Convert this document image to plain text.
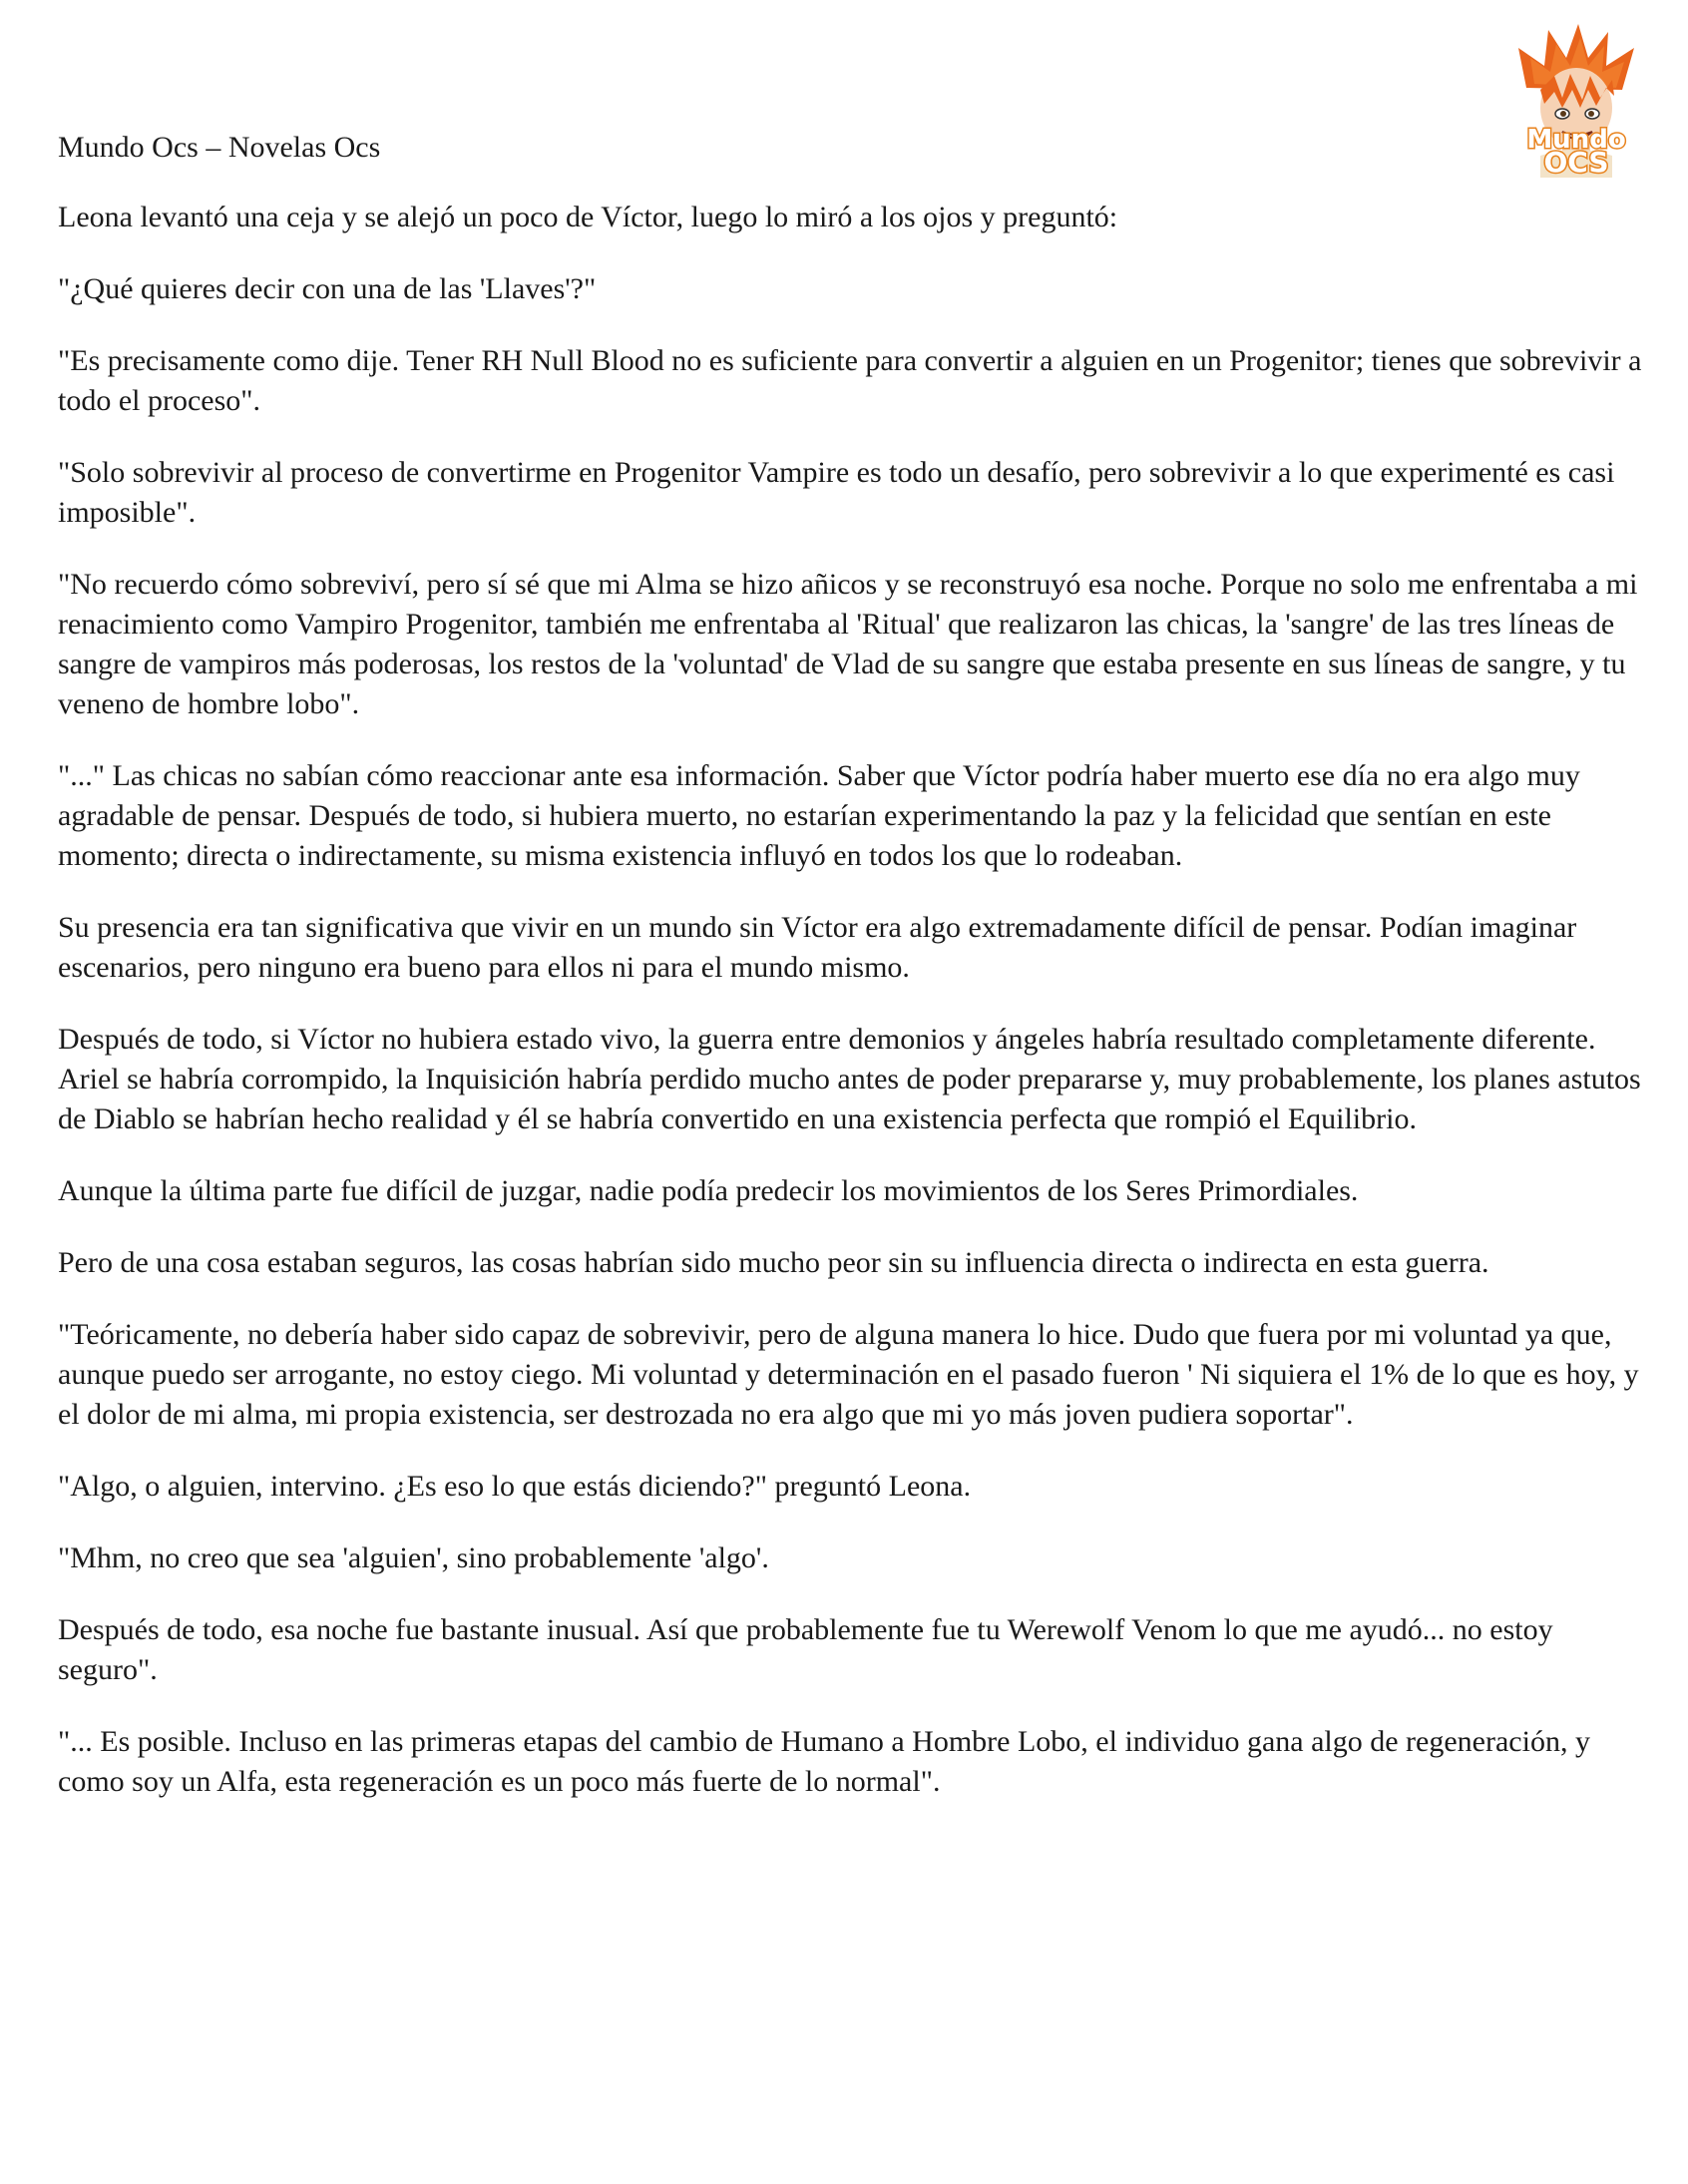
Mundo
OCS

Mundo Ocs – Novelas Ocs

Leona levantó una ceja y se alejó un poco de Víctor, luego lo miró a los ojos y preguntó:

"¿Qué quieres decir con una de las 'Llaves'?"

"Es precisamente como dije. Tener RH Null Blood no es suficiente para convertir a alguien en un Progenitor; tienes que sobrevivir a todo el proceso".

"Solo sobrevivir al proceso de convertirme en Progenitor Vampire es todo un desafío, pero sobrevivir a lo que experimenté es casi imposible".

"No recuerdo cómo sobreviví, pero sí sé que mi Alma se hizo añicos y se reconstruyó esa noche. Porque no solo me enfrentaba a mi renacimiento como Vampiro Progenitor, también me enfrentaba al 'Ritual' que realizaron las chicas, la 'sangre' de las tres líneas de sangre de vampiros más poderosas, los restos de la 'voluntad' de Vlad de su sangre que estaba presente en sus líneas de sangre, y tu veneno de hombre lobo".

"..." Las chicas no sabían cómo reaccionar ante esa información. Saber que Víctor podría haber muerto ese día no era algo muy agradable de pensar. Después de todo, si hubiera muerto, no estarían experimentando la paz y la felicidad que sentían en este momento; directa o indirectamente, su misma existencia influyó en todos los que lo rodeaban.

Su presencia era tan significativa que vivir en un mundo sin Víctor era algo extremadamente difícil de pensar. Podían imaginar escenarios, pero ninguno era bueno para ellos ni para el mundo mismo.

Después de todo, si Víctor no hubiera estado vivo, la guerra entre demonios y ángeles habría resultado completamente diferente. Ariel se habría corrompido, la Inquisición habría perdido mucho antes de poder prepararse y, muy probablemente, los planes astutos de Diablo se habrían hecho realidad y él se habría convertido en una existencia perfecta que rompió el Equilibrio.

Aunque la última parte fue difícil de juzgar, nadie podía predecir los movimientos de los Seres Primordiales.

Pero de una cosa estaban seguros, las cosas habrían sido mucho peor sin su influencia directa o indirecta en esta guerra.

"Teóricamente, no debería haber sido capaz de sobrevivir, pero de alguna manera lo hice. Dudo que fuera por mi voluntad ya que, aunque puedo ser arrogante, no estoy ciego. Mi voluntad y determinación en el pasado fueron ' Ni siquiera el 1% de lo que es hoy, y el dolor de mi alma, mi propia existencia, ser destrozada no era algo que mi yo más joven pudiera soportar".

"Algo, o alguien, intervino. ¿Es eso lo que estás diciendo?" preguntó Leona.

"Mhm, no creo que sea 'alguien', sino probablemente 'algo'.

Después de todo, esa noche fue bastante inusual. Así que probablemente fue tu Werewolf Venom lo que me ayudó... no estoy seguro".

"... Es posible. Incluso en las primeras etapas del cambio de Humano a Hombre Lobo, el individuo gana algo de regeneración, y como soy un Alfa, esta regeneración es un poco más fuerte de lo normal".
